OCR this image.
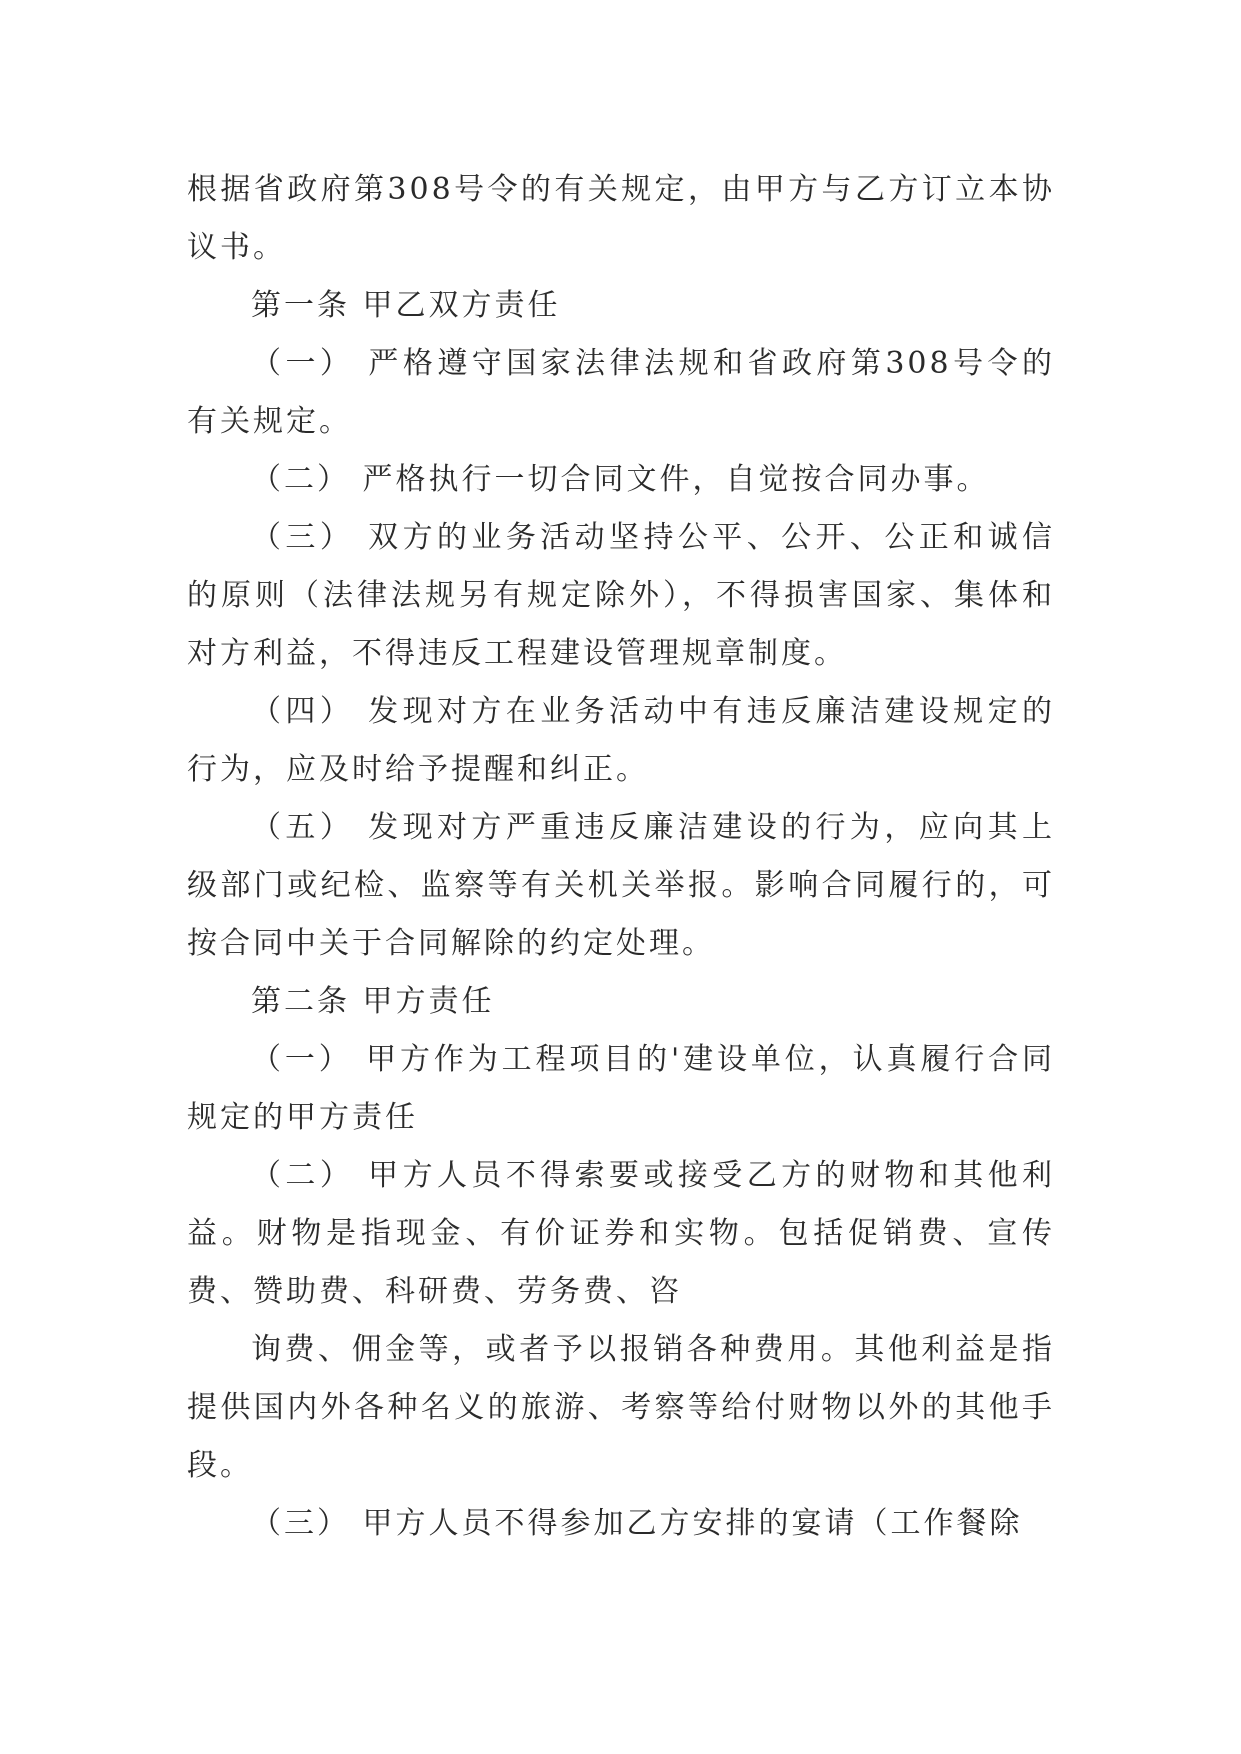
根据省政府第308号令的有关规定，由甲方与乙方订立本协议书。

第一条 甲乙双方责任

（一） 严格遵守国家法律法规和省政府第308号令的有关规定。

（二） 严格执行一切合同文件，自觉按合同办事。

（三） 双方的业务活动坚持公平、公开、公正和诚信的原则（法律法规另有规定除外），不得损害国家、集体和对方利益，不得违反工程建设管理规章制度。

（四） 发现对方在业务活动中有违反廉洁建设规定的行为，应及时给予提醒和纠正。

（五） 发现对方严重违反廉洁建设的行为，应向其上级部门或纪检、监察等有关机关举报。影响合同履行的，可按合同中关于合同解除的约定处理。

第二条 甲方责任

（一） 甲方作为工程项目的'建设单位，认真履行合同规定的甲方责任

（二） 甲方人员不得索要或接受乙方的财物和其他利益。财物是指现金、有价证券和实物。包括促销费、宣传费、赞助费、科研费、劳务费、咨

询费、佣金等，或者予以报销各种费用。其他利益是指提供国内外各种名义的旅游、考察等给付财物以外的其他手段。

（三） 甲方人员不得参加乙方安排的宴请（工作餐除
